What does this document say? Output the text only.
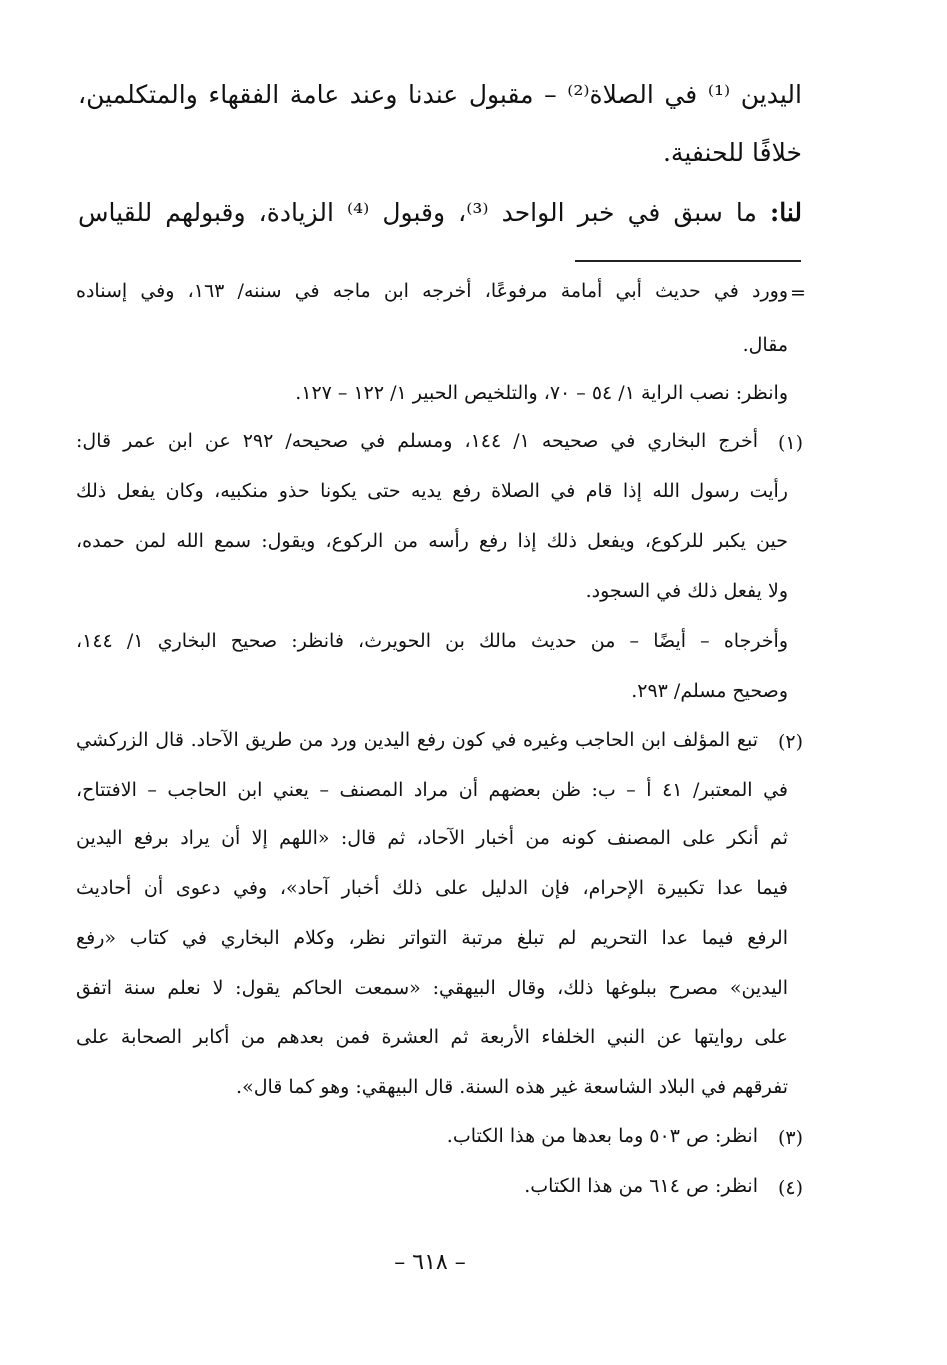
اليدين ⁽¹⁾ في الصلاة⁽²⁾ – مقبول عندنا وعند عامة الفقهاء والمتكلمين،
خلافًا للحنفية.
لنا: ما سبق في خبر الواحد ⁽³⁾، وقبول ⁽⁴⁾ الزيادة، وقبولهم للقياس
=
وورد في حديث أبي أمامة مرفوعًا، أخرجه ابن ماجه في سننه/ ١٦٣، وفي إسناده
مقال.
وانظر: نصب الراية ١/ ٥٤ – ٧٠، والتلخيص الحبير ١/ ١٢٢ – ١٢٧.
(١)
أخرج البخاري في صحيحه ١/ ١٤٤، ومسلم في صحيحه/ ٢٩٢ عن ابن عمر قال:
رأيت رسول الله إذا قام في الصلاة رفع يديه حتى يكونا حذو منكبيه، وكان يفعل ذلك
حين يكبر للركوع، ويفعل ذلك إذا رفع رأسه من الركوع، ويقول: سمع الله لمن حمده،
ولا يفعل ذلك في السجود.
وأخرجاه – أيضًا – من حديث مالك بن الحويرث، فانظر: صحيح البخاري ١/ ١٤٤،
وصحيح مسلم/ ٢٩٣.
(٢)
تبع المؤلف ابن الحاجب وغيره في كون رفع اليدين ورد من طريق الآحاد. قال الزركشي
في المعتبر/ ٤١ أ – ب: ظن بعضهم أن مراد المصنف – يعني ابن الحاجب – الافتتاح،
ثم أنكر على المصنف كونه من أخبار الآحاد، ثم قال: «اللهم إلا أن يراد برفع اليدين
فيما عدا تكبيرة الإحرام، فإن الدليل على ذلك أخبار آحاد»، وفي دعوى أن أحاديث
الرفع فيما عدا التحريم لم تبلغ مرتبة التواتر نظر، وكلام البخاري في كتاب «رفع
اليدين» مصرح ببلوغها ذلك، وقال البيهقي: «سمعت الحاكم يقول: لا نعلم سنة اتفق
على روايتها عن النبي الخلفاء الأربعة ثم العشرة فمن بعدهم من أكابر الصحابة على
تفرقهم في البلاد الشاسعة غير هذه السنة. قال البيهقي: وهو كما قال».
(٣)
انظر: ص ٥٠٣ وما بعدها من هذا الكتاب.
(٤)
انظر: ص ٦١٤ من هذا الكتاب.
– ٦١٨ –
